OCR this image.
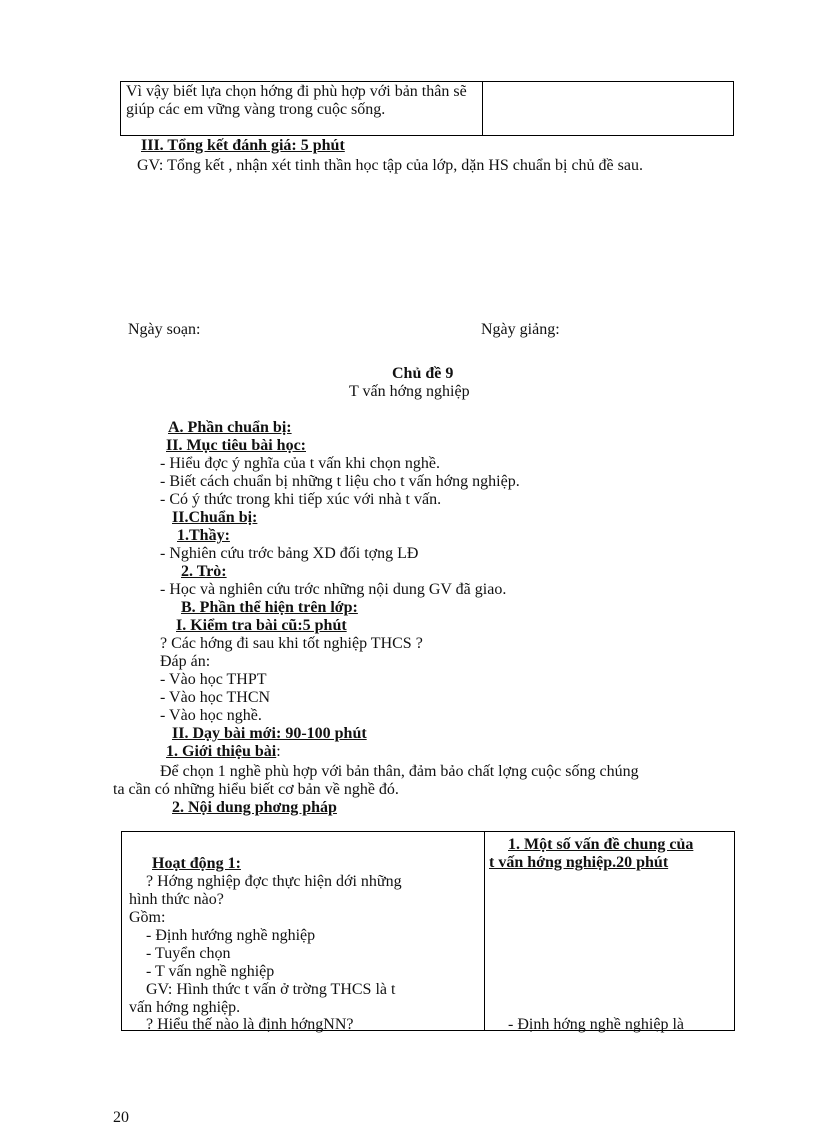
Vì vậy biết lựa chọn hớng đi phù hợp với bản thân sẽ giúp các em vững vàng trong cuộc sống.
III. Tổng kết đánh giá: 5 phút
GV: Tổng kết , nhận xét tinh thần học tập của lớp, dặn HS chuẩn bị chủ đề sau.
Ngày soạn:	Ngày giảng:
Chủ đề 9
T vấn hớng nghiệp
A. Phần chuẩn bị:
II. Mục tiêu bài học:
- Hiểu đợc ý nghĩa của t vấn khi chọn nghề.
- Biết cách chuẩn bị những t liệu cho t vấn hớng nghiệp.
- Có ý thức trong khi tiếp xúc với nhà t vấn.
II.Chuẩn bị:
1.Thầy:
- Nghiên cứu trớc bảng XD đối tợng LĐ
2. Trò:
- Học và nghiên cứu trớc những nội dung GV đã giao.
B. Phần thể hiện trên lớp:
I. Kiểm tra bài cũ:5 phút
? Các hớng đi sau khi tốt nghiệp THCS ?
Đáp án:
- Vào học THPT
- Vào học THCN
- Vào học nghề.
II. Dạy bài mới: 90-100 phút
1. Giới thiệu bài:
Để chọn 1 nghề phù hợp với bản thân, đảm bảo chất lợng cuộc sống chúng
ta cần có những hiểu biết cơ bản về nghề đó.
2. Nội dung phơng pháp
1. Một số vấn đề chung của
t vấn hớng nghiệp.20 phút
Hoạt động 1:
? Hớng nghiệp đợc thực hiện dới những
hình thức nào?
Gồm:
- Định hướng nghề nghiệp
- Tuyển chọn
- T vấn nghề nghiệp
GV: Hình thức t vấn ở trờng THCS là t
vấn hớng nghiệp.
? Hiểu thế nào là định hớngNN?	- Định hớng nghề nghiệp là
20
